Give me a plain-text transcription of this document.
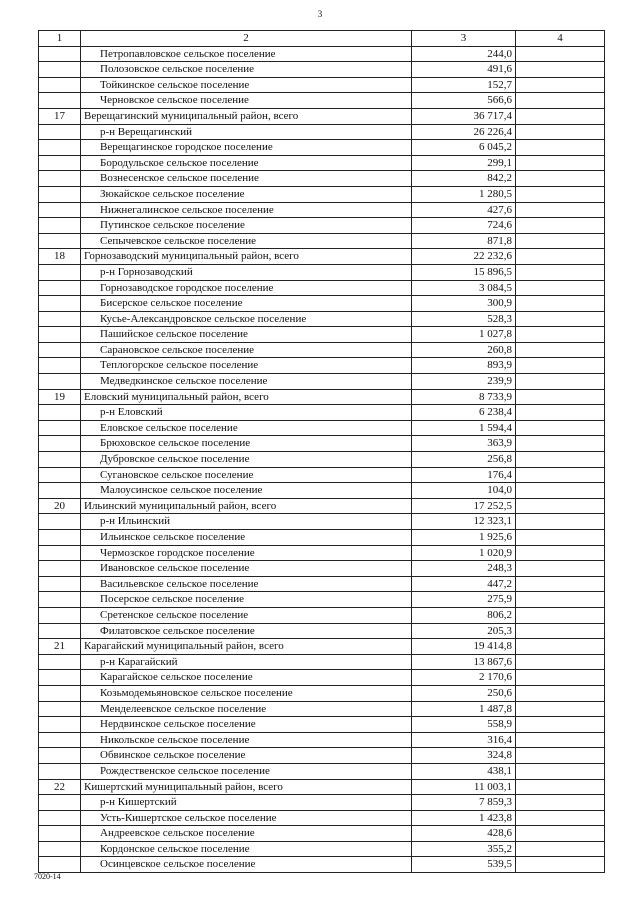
3
1	2	3	4
	Петропавловское сельское поселение	244,0	
	Полозовское сельское поселение	491,6	
	Тойкинское сельское поселение	152,7	
	Черновское сельское поселение	566,6	
17	Верещагинский муниципальный район, всего	36 717,4	
	р-н Верещагинский	26 226,4	
	Верещагинское городское поселение	6 045,2	
	Бородульское сельское поселение	299,1	
	Вознесенское сельское поселение	842,2	
	Зюкайское сельское поселение	1 280,5	
	Нижнегалинское сельское поселение	427,6	
	Путинское сельское поселение	724,6	
	Сепычевское сельское поселение	871,8	
18	Горнозаводский муниципальный район, всего	22 232,6	
	р-н Горнозаводский	15 896,5	
	Горнозаводское городское поселение	3 084,5	
	Бисерское сельское поселение	300,9	
	Кусье-Александровское сельское поселение	528,3	
	Пашийское сельское поселение	1 027,8	
	Сарановское сельское поселение	260,8	
	Теплогорское сельское поселение	893,9	
	Медведкинское сельское поселение	239,9	
19	Еловский муниципальный район, всего	8 733,9	
	р-н Еловский	6 238,4	
	Еловское сельское поселение	1 594,4	
	Брюховское сельское поселение	363,9	
	Дубровское сельское поселение	256,8	
	Сугановское сельское поселение	176,4	
	Малоусинское сельское поселение	104,0	
20	Ильинский муниципальный район, всего	17 252,5	
	р-н Ильинский	12 323,1	
	Ильинское сельское поселение	1 925,6	
	Чермозское городское поселение	1 020,9	
	Ивановское сельское поселение	248,3	
	Васильевское сельское поселение	447,2	
	Посерское сельское поселение	275,9	
	Сретенское сельское поселение	806,2	
	Филатовское сельское поселение	205,3	
21	Карагайский муниципальный район, всего	19 414,8	
	р-н Карагайский	13 867,6	
	Карагайское сельское поселение	2 170,6	
	Козьмодемьяновское сельское поселение	250,6	
	Менделеевское сельское поселение	1 487,8	
	Нердвинское сельское поселение	558,9	
	Никольское сельское поселение	316,4	
	Обвинское сельское поселение	324,8	
	Рождественское сельское поселение	438,1	
22	Кишертский муниципальный район, всего	11 003,1	
	р-н Кишертский	7 859,3	
	Усть-Кишертское сельское поселение	1 423,8	
	Андреевское сельское поселение	428,6	
	Кордонское сельское поселение	355,2	
	Осинцевское сельское поселение	539,5	
7020-14
